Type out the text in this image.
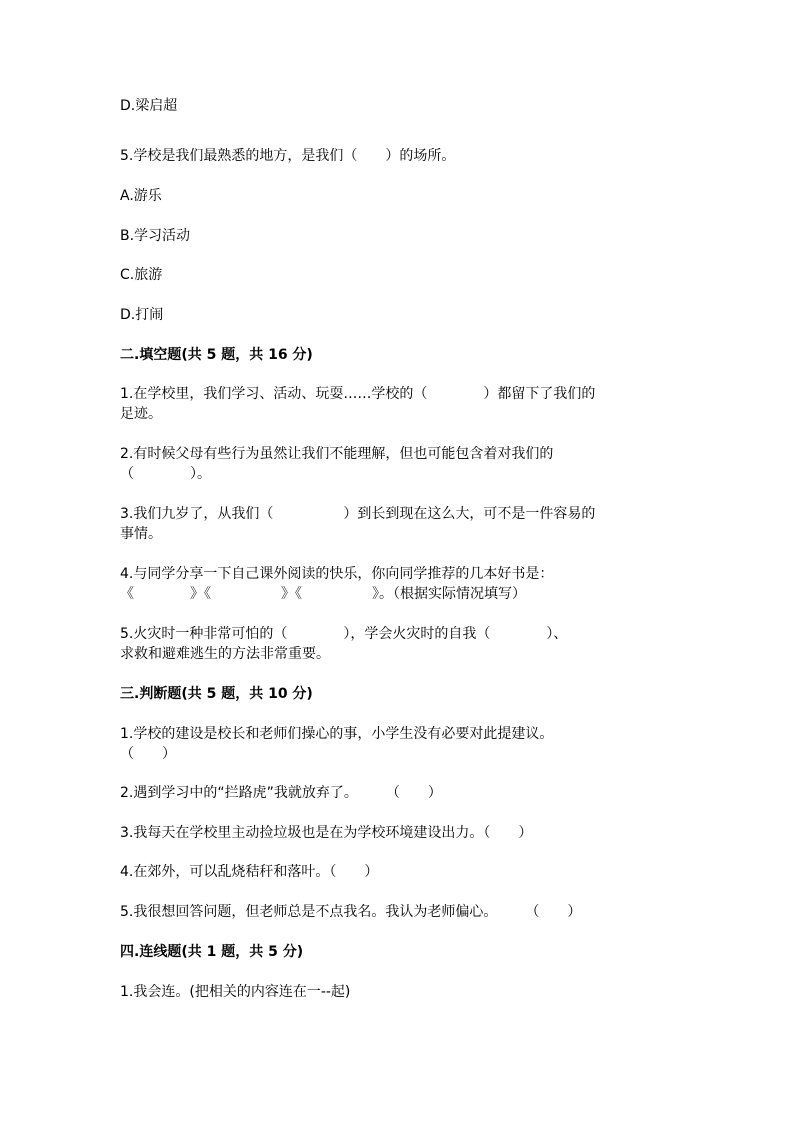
D.梁启超
5.学校是我们最熟悉的地方，是我们（　　）的场所。
A.游乐
B.学习活动
C.旅游
D.打闹
二.填空题(共 5 题，共 16 分)
1.在学校里，我们学习、活动、玩耍……学校的（　　　　）都留下了我们的
足迹。
2.有时候父母有些行为虽然让我们不能理解，但也可能包含着对我们的
（　　　　）。
3.我们九岁了，从我们（　　　　　）到长到现在这么大，可不是一件容易的
事情。
4.与同学分享一下自己课外阅读的快乐，你向同学推荐的几本好书是：
《　　　　》《　　　　　》《　　　　　》。（根据实际情况填写）
5.火灾时一种非常可怕的（　　　　），学会火灾时的自我（　　　　）、
求救和避难逃生的方法非常重要。
三.判断题(共 5 题，共 10 分)
1.学校的建设是校长和老师们操心的事，小学生没有必要对此提建议。
（　　）
2.遇到学习中的“拦路虎”我就放弃了。　　　（　　）
3.我每天在学校里主动捡垃圾也是在为学校环境建设出力。（　　）
4.在郊外，可以乱烧秸秆和落叶。（　　）
5.我很想回答问题，但老师总是不点我名。我认为老师偏心。　　　（　　）
四.连线题(共 1 题，共 5 分)
1.我会连。(把相关的内容连在一--起)
